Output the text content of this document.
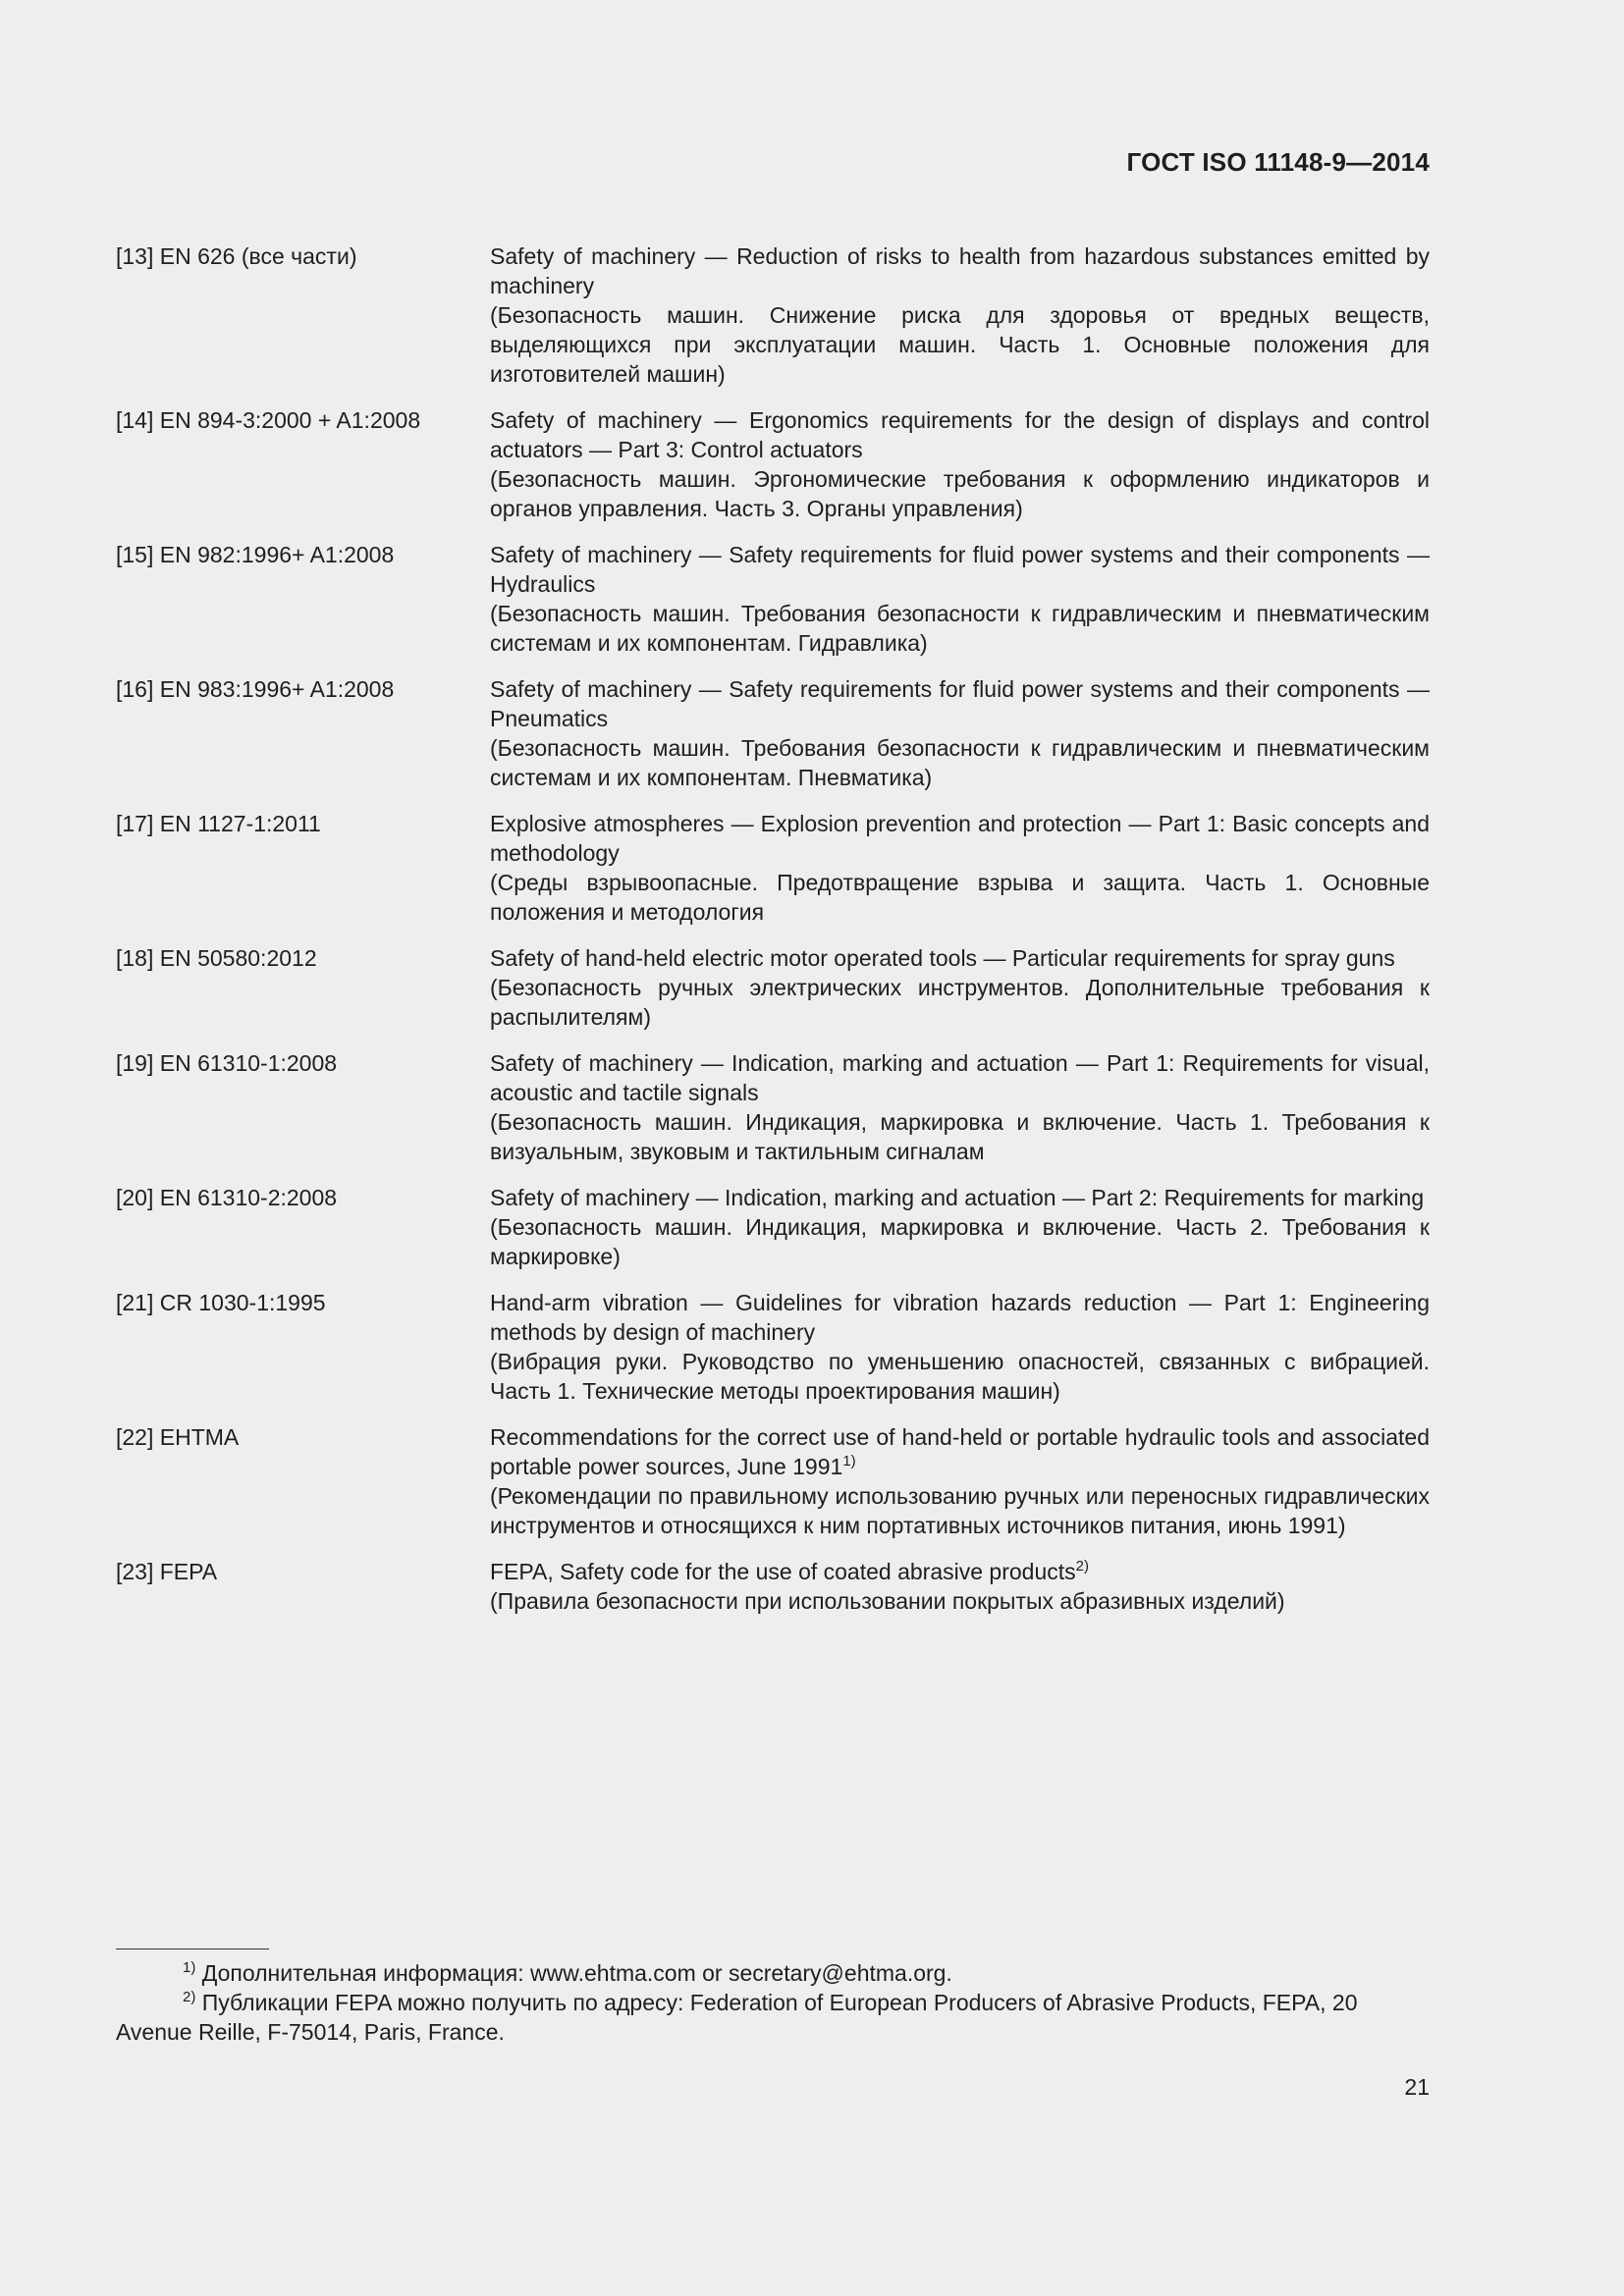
ГОСТ ISO 11148-9—2014
[13] EN 626 (все части)	Safety of machinery — Reduction of risks to health from hazardous substances emitted by machinery
(Безопасность машин. Снижение риска для здоровья от вредных веществ, выделяющихся при эксплуатации машин. Часть 1. Основные положения для изготовителей машин)
[14] EN 894-3:2000 + A1:2008	Safety of machinery — Ergonomics requirements for the design of displays and control actuators — Part 3: Control actuators
(Безопасность машин. Эргономические требования к оформлению индикаторов и органов управления. Часть 3. Органы управления)
[15] EN 982:1996+ A1:2008	Safety of machinery — Safety requirements for fluid power systems and their components — Hydraulics
(Безопасность машин. Требования безопасности к гидравлическим и пневматическим системам и их компонентам. Гидравлика)
[16] EN 983:1996+ A1:2008	Safety of machinery — Safety requirements for fluid power systems and their components — Pneumatics
(Безопасность машин. Требования безопасности к гидравлическим и пневматическим системам и их компонентам. Пневматика)
[17] EN 1127-1:2011	Explosive atmospheres — Explosion prevention and protection — Part 1: Basic concepts and methodology
(Среды взрывоопасные. Предотвращение взрыва и защита. Часть 1. Основные положения и методология
[18] EN 50580:2012	Safety of hand-held electric motor operated tools — Particular requirements for spray guns
(Безопасность ручных электрических инструментов. Дополнительные требования к распылителям)
[19] EN 61310-1:2008	Safety of machinery — Indication, marking and actuation — Part 1: Requirements for visual, acoustic and tactile signals
(Безопасность машин. Индикация, маркировка и включение. Часть 1. Требования к визуальным, звуковым и тактильным сигналам
[20] EN 61310-2:2008	Safety of machinery — Indication, marking and actuation — Part 2: Requirements for marking
(Безопасность машин. Индикация, маркировка и включение. Часть 2. Требования к маркировке)
[21] CR 1030-1:1995	Hand-arm vibration — Guidelines for vibration hazards reduction — Part 1: Engineering methods by design of machinery
(Вибрация руки. Руководство по уменьшению опасностей, связанных с вибрацией. Часть 1. Технические методы проектирования машин)
[22] EHTMA	Recommendations for the correct use of hand-held or portable hydraulic tools and associated portable power sources, June 1991$^{1)}$
(Рекомендации по правильному использованию ручных или переносных гидравлических инструментов и относящихся к ним портативных источников питания, июнь 1991)
[23] FEPA	FEPA, Safety code for the use of coated abrasive products$^{2)}$
(Правила безопасности при использовании покрытых абразивных изделий)
$^{1)}$ Дополнительная информация: www.ehtma.com or secretary@ehtma.org.
$^{2)}$ Публикации FEPA можно получить по адресу: Federation of European Producers of Abrasive Products, FEPA, 20 Avenue Reille, F-75014, Paris, France.
21
